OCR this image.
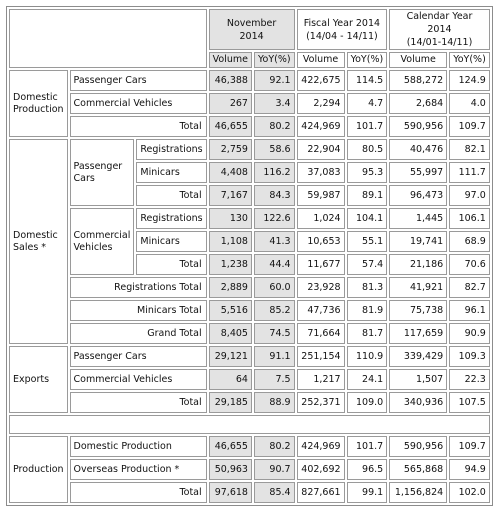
			November
2014		Fiscal Year 2014
(14/04 - 14/11)		Calendar Year 2014
(14/01-14/11)	
			Volume	YoY(%)	Volume	YoY(%)	Volume	YoY(%)
Domestic Production	Passenger Cars		46,388	92.1	422,675	114.5	588,272	124.9
	Commercial Vehicles		267	3.4	2,294	4.7	2,684	4.0
	Total		46,655	80.2	424,969	101.7	590,956	109.7
Domestic Sales *	Passenger Cars	Registrations	2,759	58.6	22,904	80.5	40,476	82.1
		Minicars	4,408	116.2	37,083	95.3	55,997	111.7
		Total	7,167	84.3	59,987	89.1	96,473	97.0
	Commercial Vehicles	Registrations	130	122.6	1,024	104.1	1,445	106.1
		Minicars	1,108	41.3	10,653	55.1	19,741	68.9
		Total	1,238	44.4	11,677	57.4	21,186	70.6
	Registrations Total		2,889	60.0	23,928	81.3	41,921	82.7
	Minicars Total		5,516	85.2	47,736	81.9	75,738	96.1
	Grand Total		8,405	74.5	71,664	81.7	117,659	90.9
Exports	Passenger Cars		29,121	91.1	251,154	110.9	339,429	109.3
	Commercial Vehicles		64	7.5	1,217	24.1	1,507	22.3
	Total		29,185	88.9	252,371	109.0	340,936	107.5

Production	Domestic Production		46,655	80.2	424,969	101.7	590,956	109.7
	Overseas Production *		50,963	90.7	402,692	96.5	565,868	94.9
	Total		97,618	85.4	827,661	99.1	1,156,824	102.0
